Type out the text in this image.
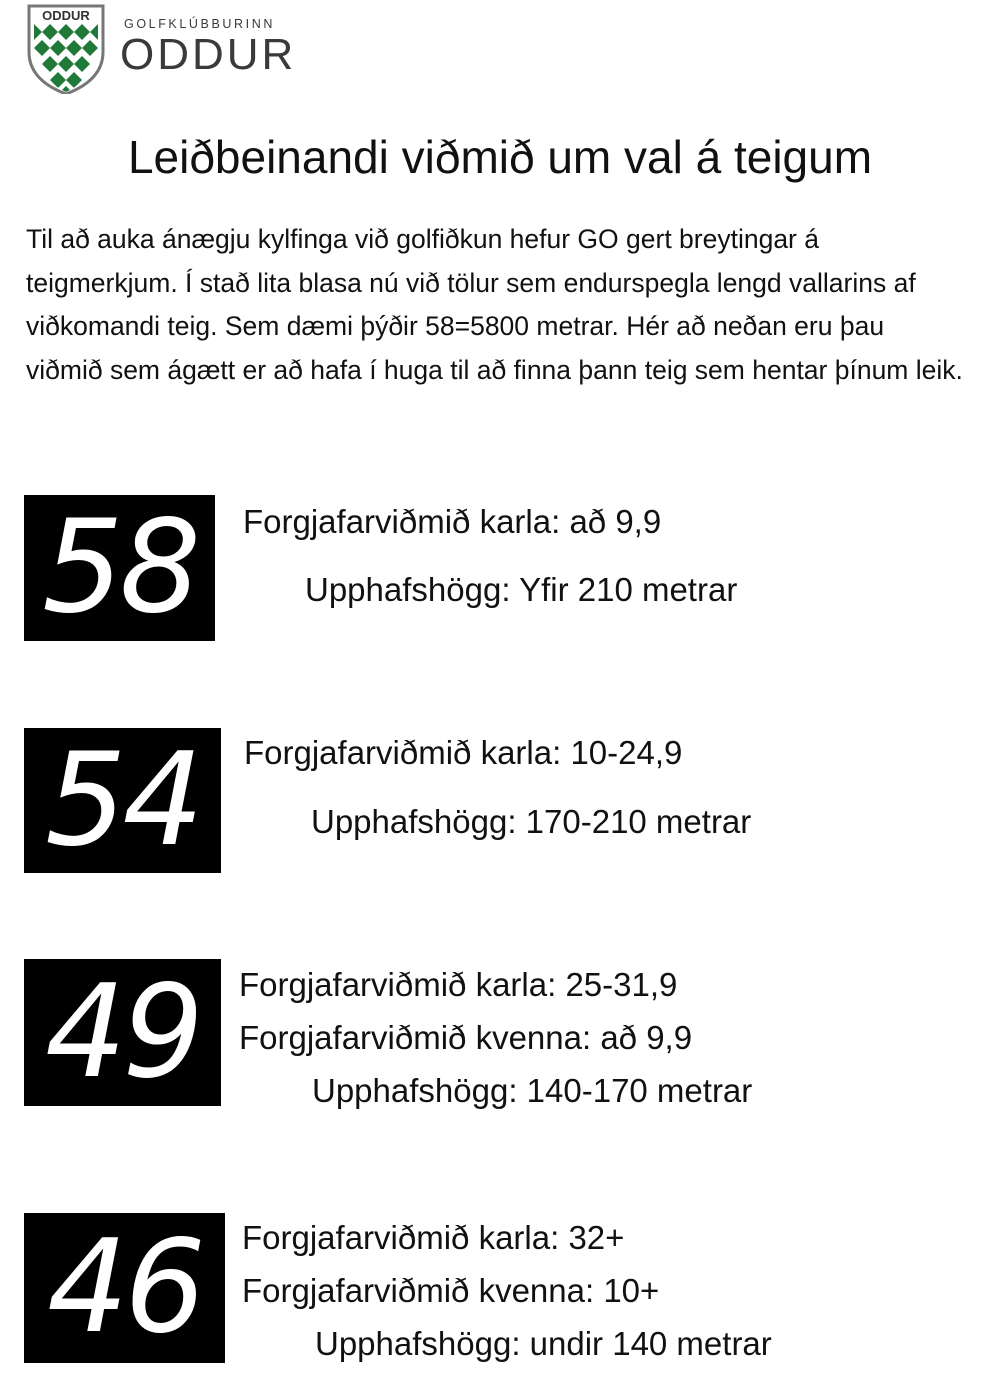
ODDUR
GOLFKLÚBBURINN
ODDUR
Leiðbeinandi viðmið um val á teigum

Til að auka ánægju kylfinga við golfiðkun hefur GO gert breytingar á teigmerkjum. Í stað lita blasa nú við tölur sem endurspegla lengd vallarins af viðkomandi teig. Sem dæmi þýðir 58=5800 metrar. Hér að neðan eru þau viðmið sem ágætt er að hafa í huga til að finna þann teig sem hentar þínum leik.

58 Forgjafarviðmið karla: að 9,9
Upphafshögg: Yfir 210 metrar
54 Forgjafarviðmið karla: 10-24,9
Upphafshögg: 170-210 metrar
49 Forgjafarviðmið karla: 25-31,9
Forgjafarviðmið kvenna: að 9,9
Upphafshögg: 140-170 metrar
46 Forgjafarviðmið karla: 32+
Forgjafarviðmið kvenna: 10+
Upphafshögg: undir 140 metrar
